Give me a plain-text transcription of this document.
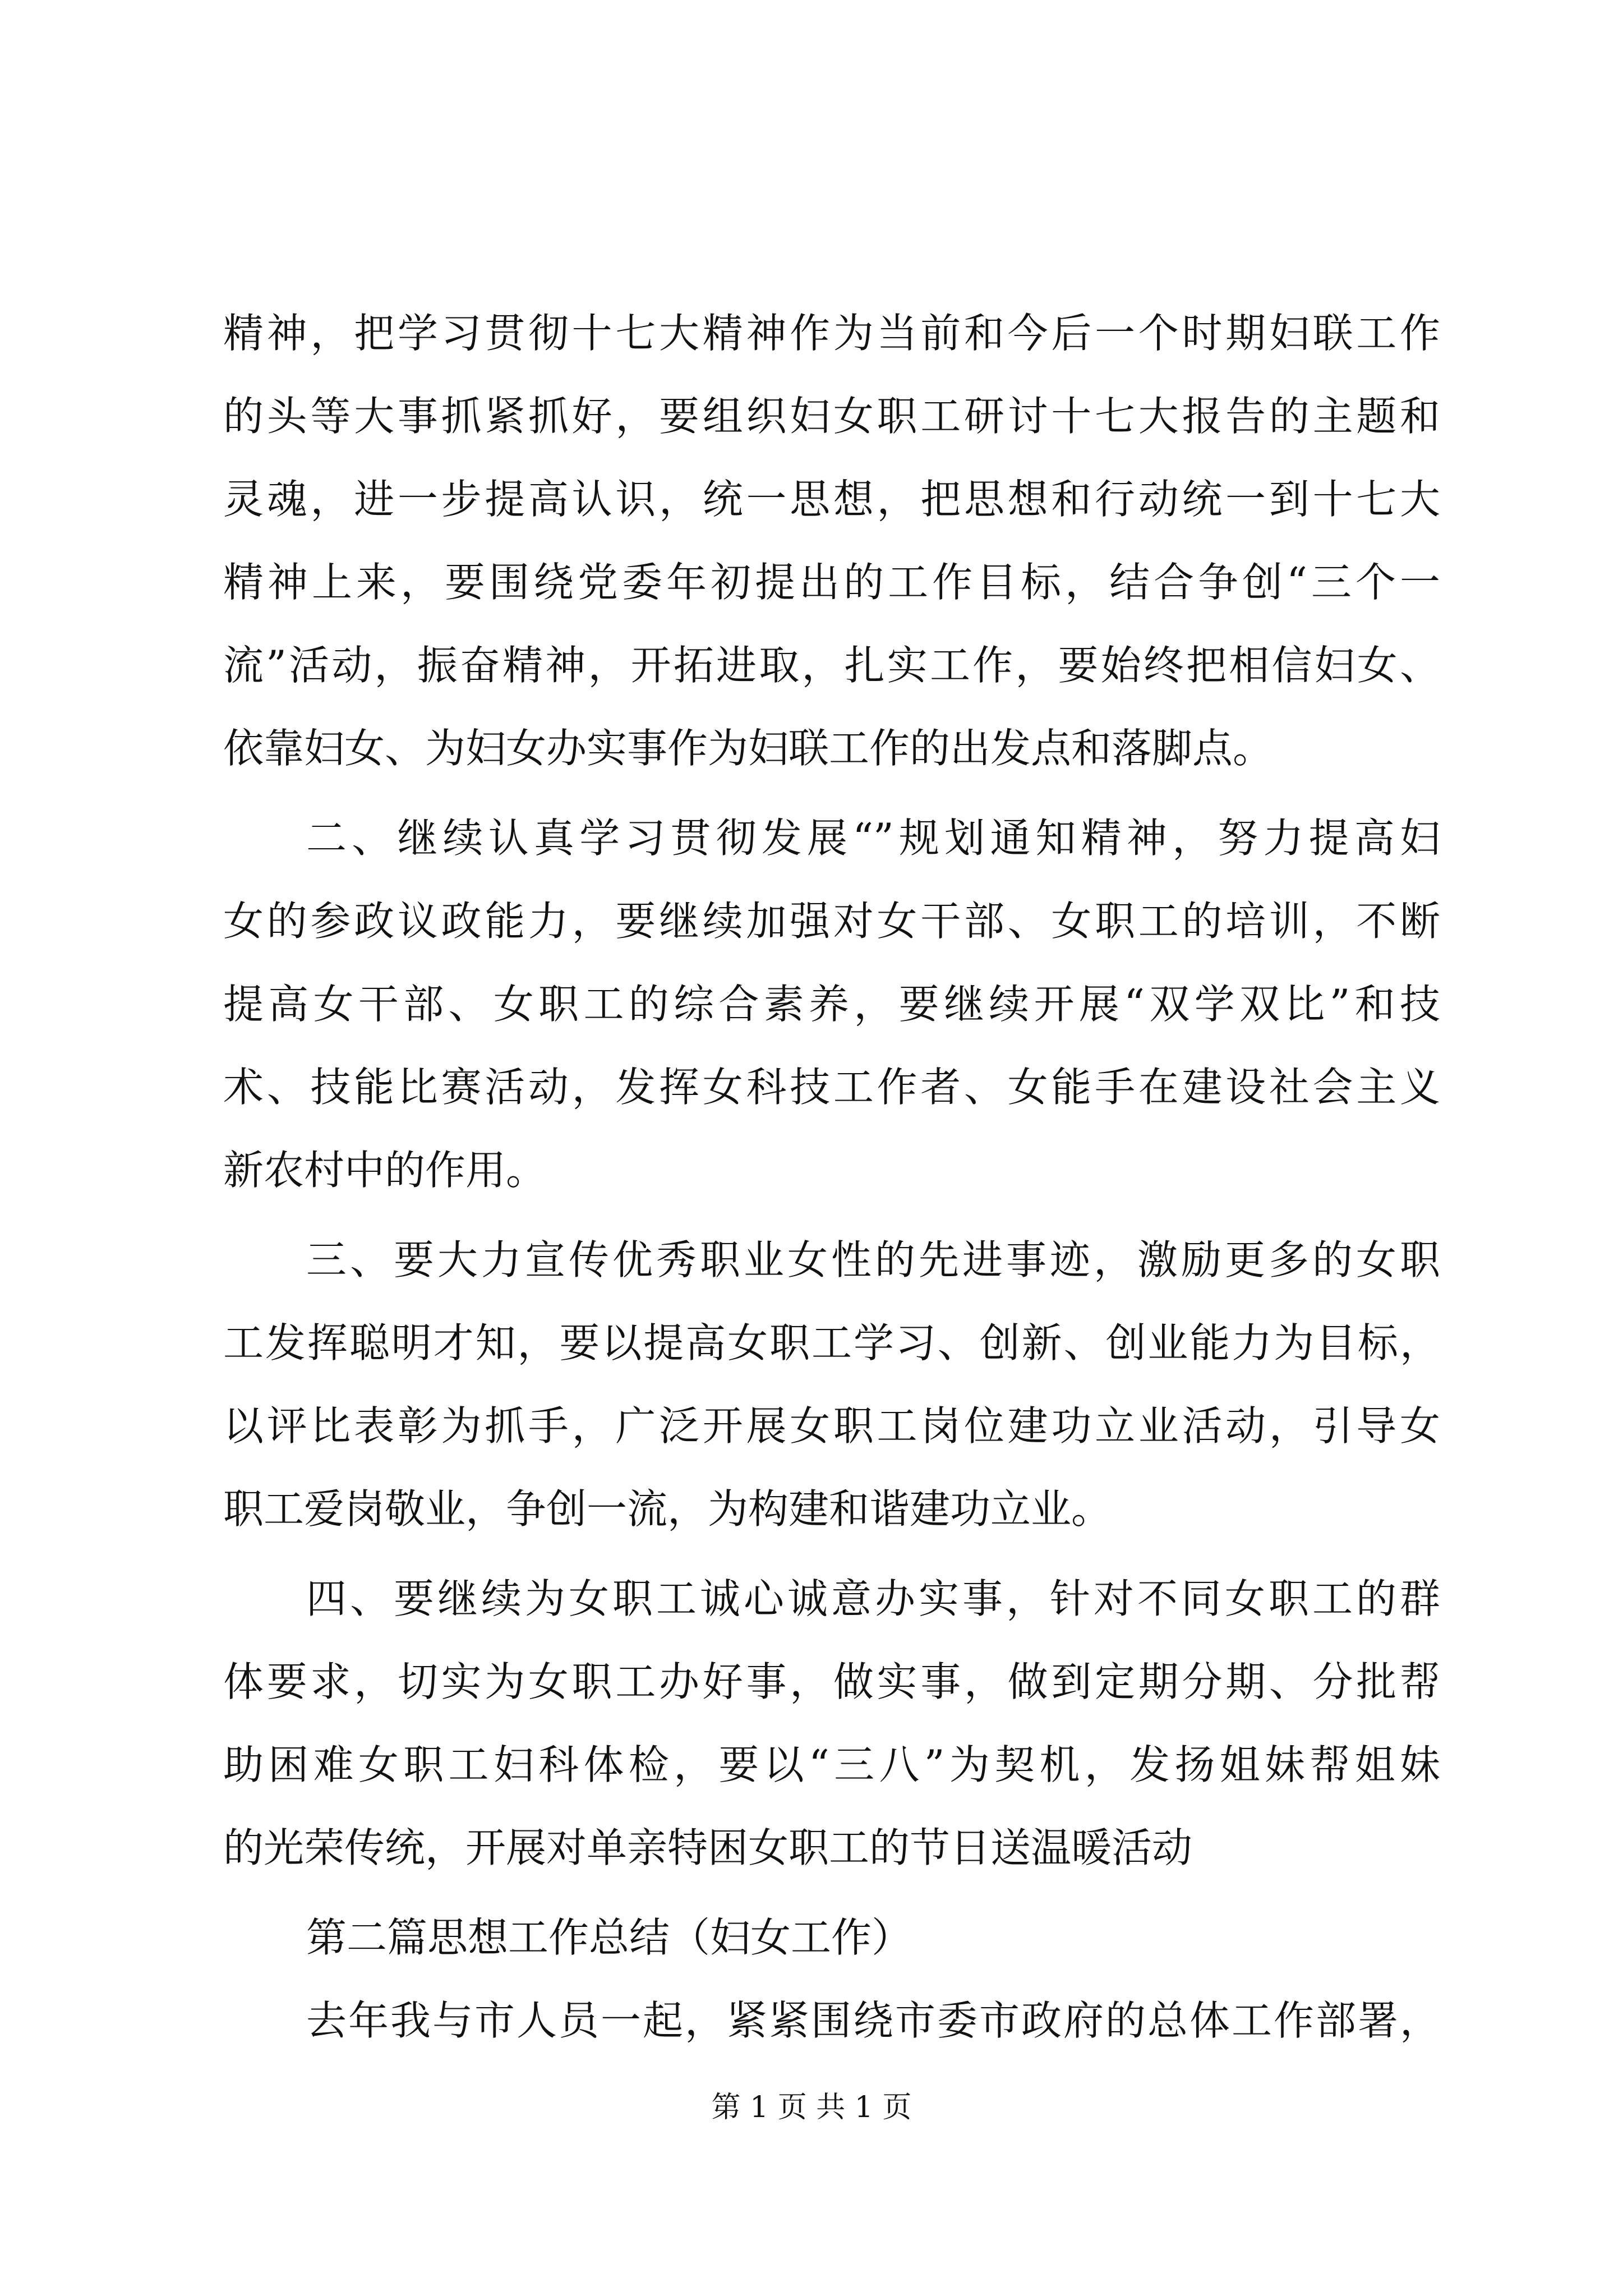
精神，把学习贯彻十七大精神作为当前和今后一个时期妇联工作
的头等大事抓紧抓好，要组织妇女职工研讨十七大报告的主题和
灵魂，进一步提高认识，统一思想，把思想和行动统一到十七大
精神上来，要围绕党委年初提出的工作目标，结合争创“三个一
流”活动，振奋精神，开拓进取，扎实工作，要始终把相信妇女、
依靠妇女、为妇女办实事作为妇联工作的出发点和落脚点。
二、继续认真学习贯彻发展“”规划通知精神，努力提高妇
女的参政议政能力，要继续加强对女干部、女职工的培训，不断
提高女干部、女职工的综合素养，要继续开展“双学双比”和技
术、技能比赛活动，发挥女科技工作者、女能手在建设社会主义
新农村中的作用。
三、要大力宣传优秀职业女性的先进事迹，激励更多的女职
工发挥聪明才知，要以提高女职工学习、创新、创业能力为目标，
以评比表彰为抓手，广泛开展女职工岗位建功立业活动，引导女
职工爱岗敬业，争创一流，为构建和谐建功立业。
四、要继续为女职工诚心诚意办实事，针对不同女职工的群
体要求，切实为女职工办好事，做实事，做到定期分期、分批帮
助困难女职工妇科体检，要以“三八”为契机，发扬姐妹帮姐妹
的光荣传统，开展对单亲特困女职工的节日送温暖活动
第二篇思想工作总结（妇女工作）
去年我与市人员一起，紧紧围绕市委市政府的总体工作部署，
第 1 页 共 1 页
